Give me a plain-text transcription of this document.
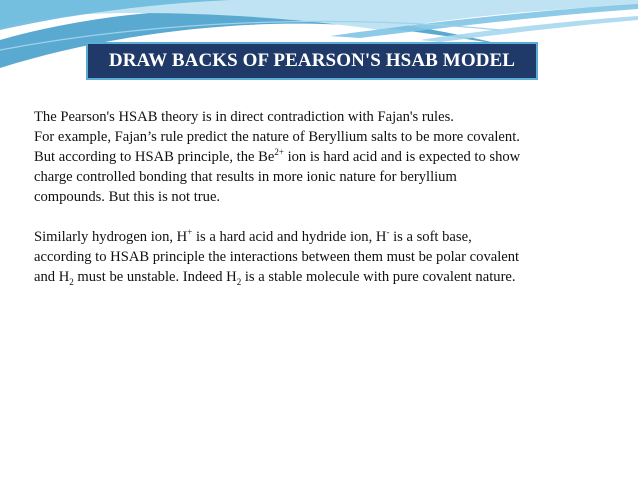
DRAW BACKS OF PEARSON'S HSAB MODEL

The Pearson's HSAB theory is in direct contradiction with Fajan's rules.

For example, Fajan’s rule predict the nature of Beryllium salts to be more covalent.

But according to HSAB principle, the $Be^{2+}$ ion is hard acid and is expected to show

charge controlled bonding that results in more ionic nature for beryllium

compounds. But this is not true.

Similarly hydrogen ion, H+ is a hard acid and hydride ion, H- is a soft base,

according to HSAB principle the interactions between them must be polar covalent

and $H_2$ must be unstable. Indeed $H_2$ is a stable molecule with pure covalent nature.
